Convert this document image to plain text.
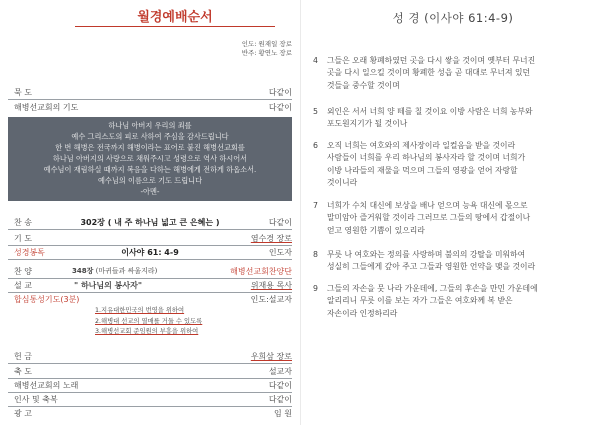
월경예배순서
인도: 원재일 장로
반주: 황연노 장로
묵 도	다같이
해병선교회의 기도	다같이
하나님 아버지 우리의 죄를
예수 그리스도의 피로 사하여 주심을 감사드립니다
한 번 해병은 전국까지 해병이라는 표어로 붙진 해병선교회를
하나님 아버지의 사랑으로 채워주시고 성령으로 역사 하시어서
예수님이 재림하실 때까지 복음을 다하는 해병에게 전하게 하옵소서.
예수님의 이름으로 기도 드립니다
-아멘-
찬 송	302장 ( 내 주 하나님 넓고 큰 은혜는 )	다같이
기 도	염수경 장로
성경봉독	이사야 61: 4-9	인도자
찬 양	348장 (마귀들과 싸울지라)	해병선교회찬양단
설 교	" 하나님의 봉사자"	위재용 목사
합심통성기도(3분)	인도:설교자
1.지유대한민국의 번영을 위하여
2.해병대 선교의 열매를 거둘 수 있도록
3.해병선교회 준임원의 부흥을 위하여
헌 금	우희삼 장로
축 도	설교자
해병선교회의 노래	다같이
인사 및 축복	다같이
광 고	임 원
성 경 (이사야 61:4-9)
4	그들은 오래 황폐하였던 곳을 다시 쌓을 것이며 옛부터 무너진
곳을 다시 일으킬 것이며 황폐한 성읍 곧 대대로 무너져 있던
것들을 중수할 것이며
5	외인은 서서 너희 양 떼를 칠 것이요 이방 사람은 너희 농부와
포도원지기가 될 것이나
6	오직 너희는 여호와의 제사장이라 일컬음을 받을 것이라
사람들이 너희를 우리 하나님의 봉사자라 할 것이며 너희가
이방 나라들의 재물을 먹으며 그들의 영광을 얻어 자랑할
것이니라
7	너희가 수치 대신에 보상을 배나 얻으며 능욕 대신에 몫으로
말미암아 즐거워할 것이라 그러므로 그들의 땅에서 갑절이나
얻고 영원한 기쁨이 있으리라
8	무릇 나 여호와는 정의를 사랑하며 불의의 강탈을 미워하여
성실히 그들에게 갚아 주고 그들과 영원한 언약을 맺을 것이라
9	그들의 자손을 뭇 나라 가운데에, 그들의 후손을 만민 가운데에
알리리니 무릇 이를 보는 자가 그들은 여호와께 복 받은
자손이라 인정하리라
